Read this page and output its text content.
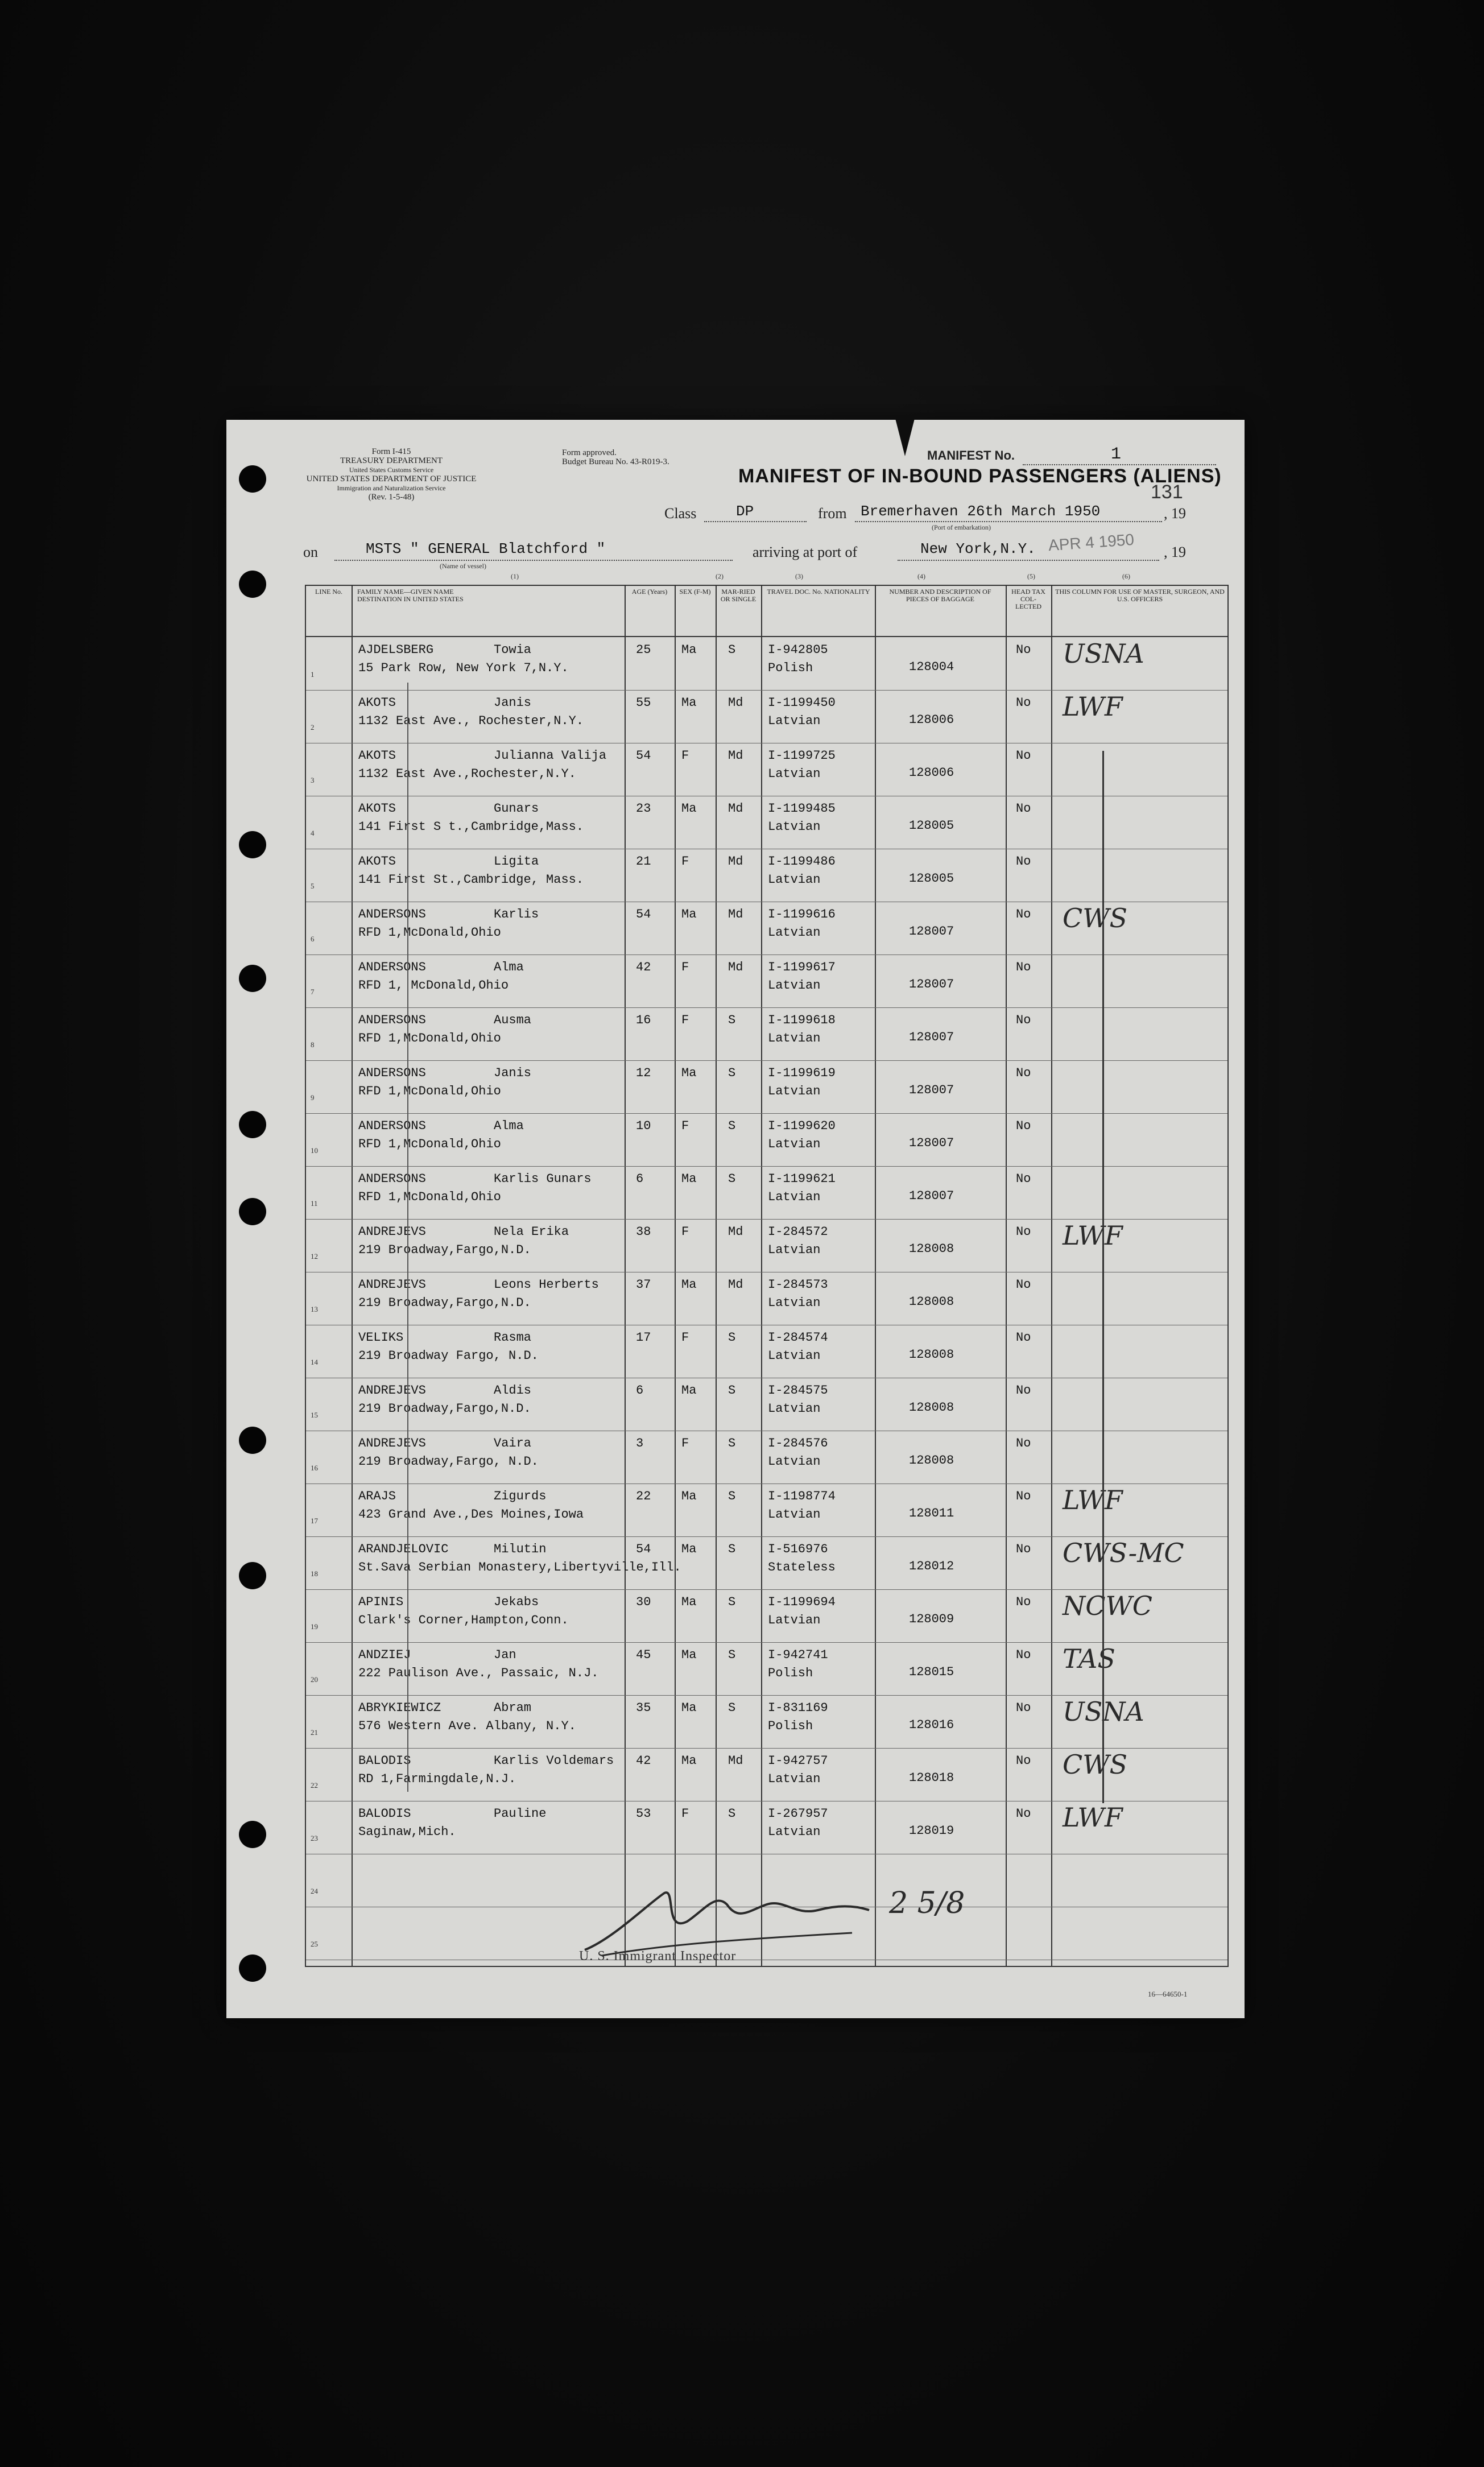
Form I-415
TREASURY DEPARTMENT
United States Customs Service
UNITED STATES DEPARTMENT OF JUSTICE
Immigration and Naturalization Service
(Rev. 1-5-48)
Form approved.
Budget Bureau No. 43-R019-3.	MANIFEST No.	1
MANIFEST OF IN-BOUND PASSENGERS (ALIENS)
131
Class	DP	from Bremerhaven 26th March 1950	, 19
(Port of embarkation)
on	MSTS " GENERAL Blatchford "
(Name of vessel)
arriving at port of	New York,N.Y. APR 4 1950 , 19
(1)	(2)	(3)	(4)	(5)	(6)
LINE No.	FAMILY NAME—GIVEN NAME DESTINATION IN UNITED STATES
AGE (Years)	SEX (F-M)	MAR-RIED OR SINGLE
TRAVEL DOC. No. NATIONALITY	NUMBER AND DESCRIPTION OF PIECES OF BAGGAGE
HEAD TAX COL-LECTED
THIS COLUMN FOR USE OF MASTER, SURGEON, AND U.S. OFFICERS
1
AJDELSBERG	Towia
15 Park Row, New York 7,N.Y.
25 Ma	S	I-942805
Polish	128004
No USNA
2
AKOTS	Janis
1132 East Ave., Rochester,N.Y.
55 Ma	Md I-1199450
Latvian	128006
No LWF
3
AKOTS	Julianna Valija
1132 East Ave.,Rochester,N.Y.
54 F	Md I-1199725
Latvian	128006
No
4
AKOTS	Gunars
141 First S t.,Cambridge,Mass.
23 Ma	Md I-1199485
Latvian	128005
No
5
AKOTS	Ligita
141 First St.,Cambridge, Mass.
21 F	Md I-1199486
Latvian	128005
No
6
ANDERSONS	Karlis
RFD 1,McDonald,Ohio
54 Ma	Md I-1199616
Latvian	128007
No CWS
7
ANDERSONS	Alma
RFD 1, McDonald,Ohio
42 F	Md I-1199617
Latvian	128007
No
8
ANDERSONS	Ausma
RFD 1,McDonald,Ohio
16 F	S	I-1199618
Latvian	128007
No
9
ANDERSONS	Janis
RFD 1,McDonald,Ohio
12 Ma	S	I-1199619
Latvian	128007
No
10
ANDERSONS	Alma
RFD 1,McDonald,Ohio
10 F	S	I-1199620
Latvian	128007
No
11
ANDERSONS	Karlis Gunars
RFD 1,McDonald,Ohio
6	Ma	S	I-1199621
Latvian	128007
No
12
ANDREJEVS	Nela Erika
219 Broadway,Fargo,N.D.
38 F	Md I-284572
Latvian	128008
No LWF
13
ANDREJEVS	Leons Herberts
219 Broadway,Fargo,N.D.
37 Ma	Md I-284573
Latvian	128008
No
14
VELIKS	Rasma
219 Broadway Fargo, N.D.
17 F	S	I-284574
Latvian	128008
No
15
ANDREJEVS	Aldis
219 Broadway,Fargo,N.D.
6	Ma	S	I-284575
Latvian	128008
No
16
ANDREJEVS	Vaira
219 Broadway,Fargo, N.D.
3	F	S	I-284576
Latvian	128008
No
17
ARAJS	Zigurds
423 Grand Ave.,Des Moines,Iowa
22 Ma	S	I-1198774
Latvian	128011
No LWF
18
ARANDJELOVIC	Milutin
St.Sava Serbian Monastery,Libertyville,Ill.
54 Ma	S	I-516976
Stateless	128012
No CWS-MC
19
APINIS	Jekabs
Clark's Corner,Hampton,Conn.
30 Ma	S	I-1199694
Latvian	128009
No NCWC
20
ANDZIEJ	Jan
222 Paulison Ave., Passaic, N.J.
45 Ma	S	I-942741
Polish	128015
No TAS
21
ABRYKIEWICZ	Abram
576 Western Ave. Albany, N.Y.
35 Ma	S	I-831169
Polish	128016
No USNA
22
BALODIS	Karlis Voldemars
RD 1,Farmingdale,N.J.
42 Ma	Md I-942757
Latvian	128018
No CWS
23
BALODIS	Pauline
Saginaw,Mich.
53 F	S	I-267957
Latvian	128019
No LWF
24
25
2 5/8
U. S. Immigrant Inspector
16—64650-1
